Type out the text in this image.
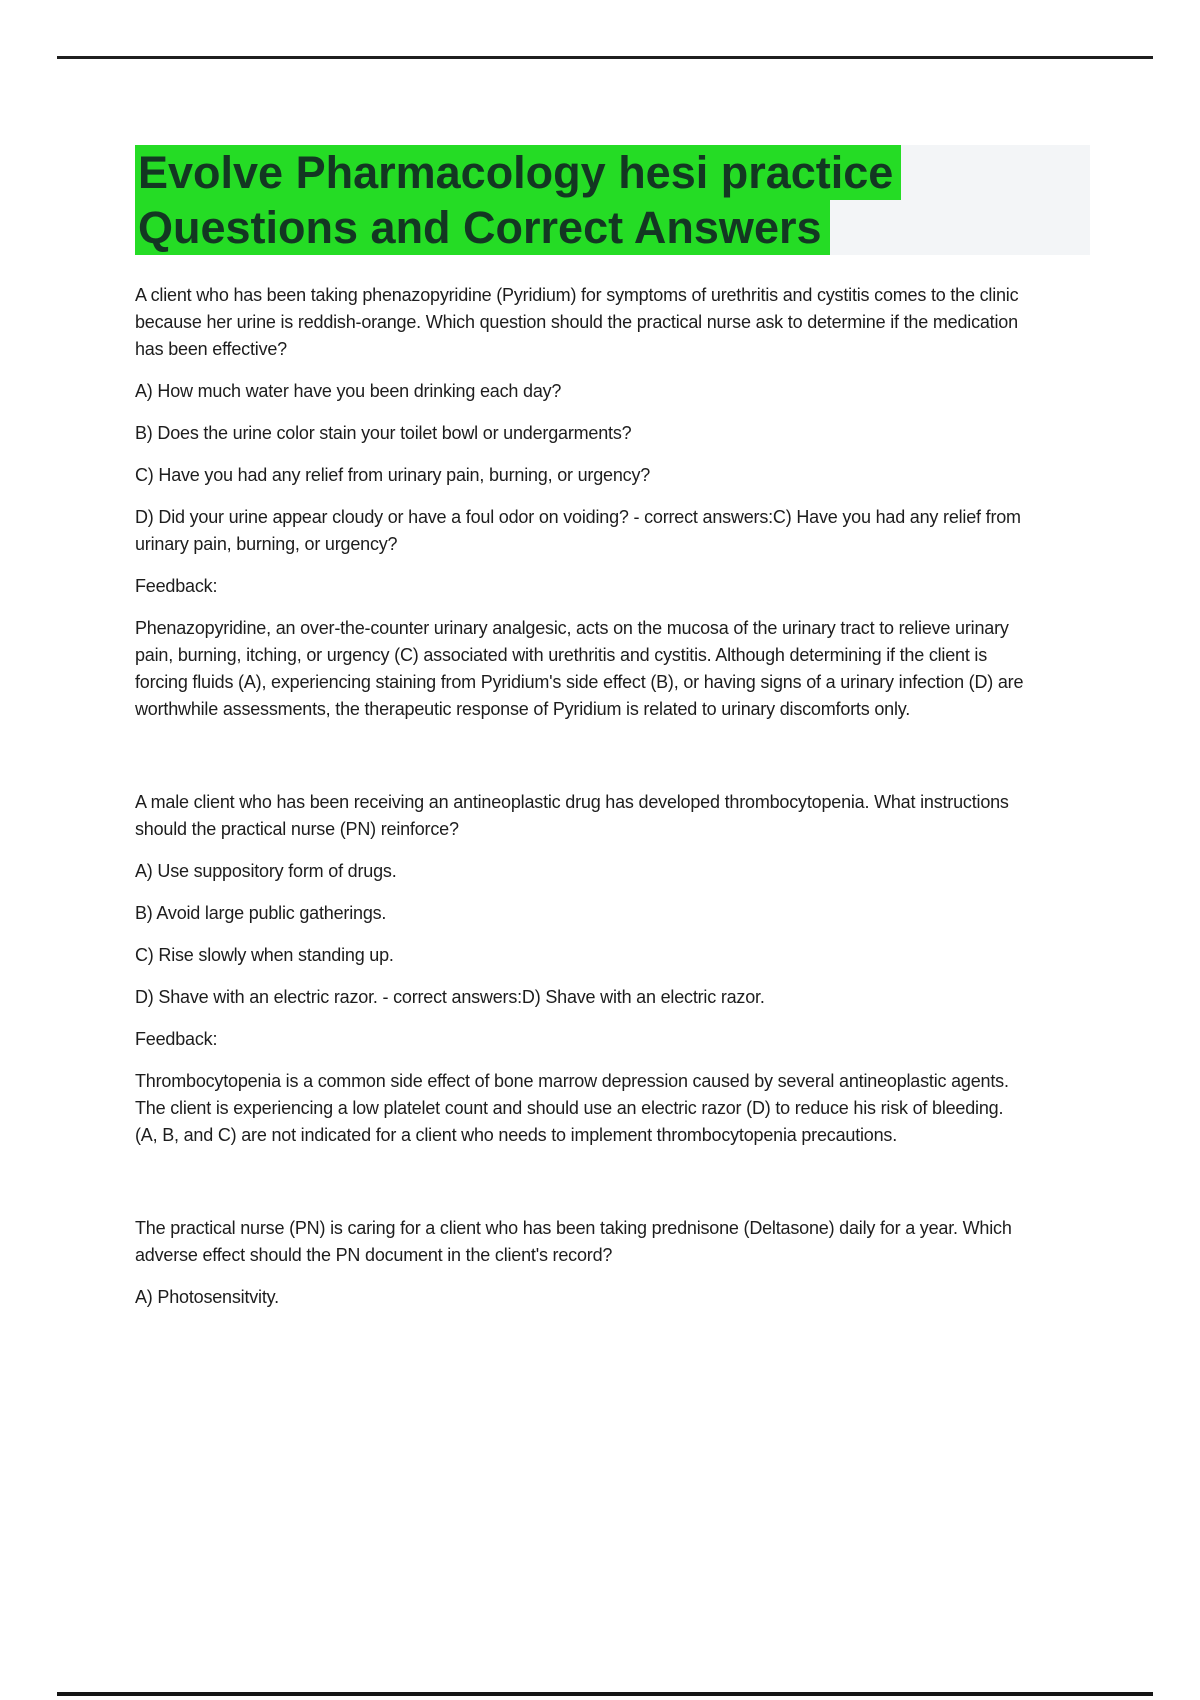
Evolve Pharmacology hesi practice
Questions and Correct Answers

A client who has been taking phenazopyridine (Pyridium) for symptoms of urethritis and cystitis comes to the clinic because her urine is reddish-orange. Which question should the practical nurse ask to determine if the medication has been effective?

A) How much water have you been drinking each day?

B) Does the urine color stain your toilet bowl or undergarments?

C) Have you had any relief from urinary pain, burning, or urgency?

D) Did your urine appear cloudy or have a foul odor on voiding? - correct answers:C) Have you had any relief from urinary pain, burning, or urgency?

Feedback:

Phenazopyridine, an over-the-counter urinary analgesic, acts on the mucosa of the urinary tract to relieve urinary pain, burning, itching, or urgency (C) associated with urethritis and cystitis. Although determining if the client is forcing fluids (A), experiencing staining from Pyridium's side effect (B), or having signs of a urinary infection (D) are worthwhile assessments, the therapeutic response of Pyridium is related to urinary discomforts only.

A male client who has been receiving an antineoplastic drug has developed thrombocytopenia. What instructions should the practical nurse (PN) reinforce?

A) Use suppository form of drugs.

B) Avoid large public gatherings.

C) Rise slowly when standing up.

D) Shave with an electric razor. - correct answers:D) Shave with an electric razor.

Feedback:

Thrombocytopenia is a common side effect of bone marrow depression caused by several antineoplastic agents. The client is experiencing a low platelet count and should use an electric razor (D) to reduce his risk of bleeding. (A, B, and C) are not indicated for a client who needs to implement thrombocytopenia precautions.

The practical nurse (PN) is caring for a client who has been taking prednisone (Deltasone) daily for a year. Which adverse effect should the PN document in the client's record?

A) Photosensitvity.
